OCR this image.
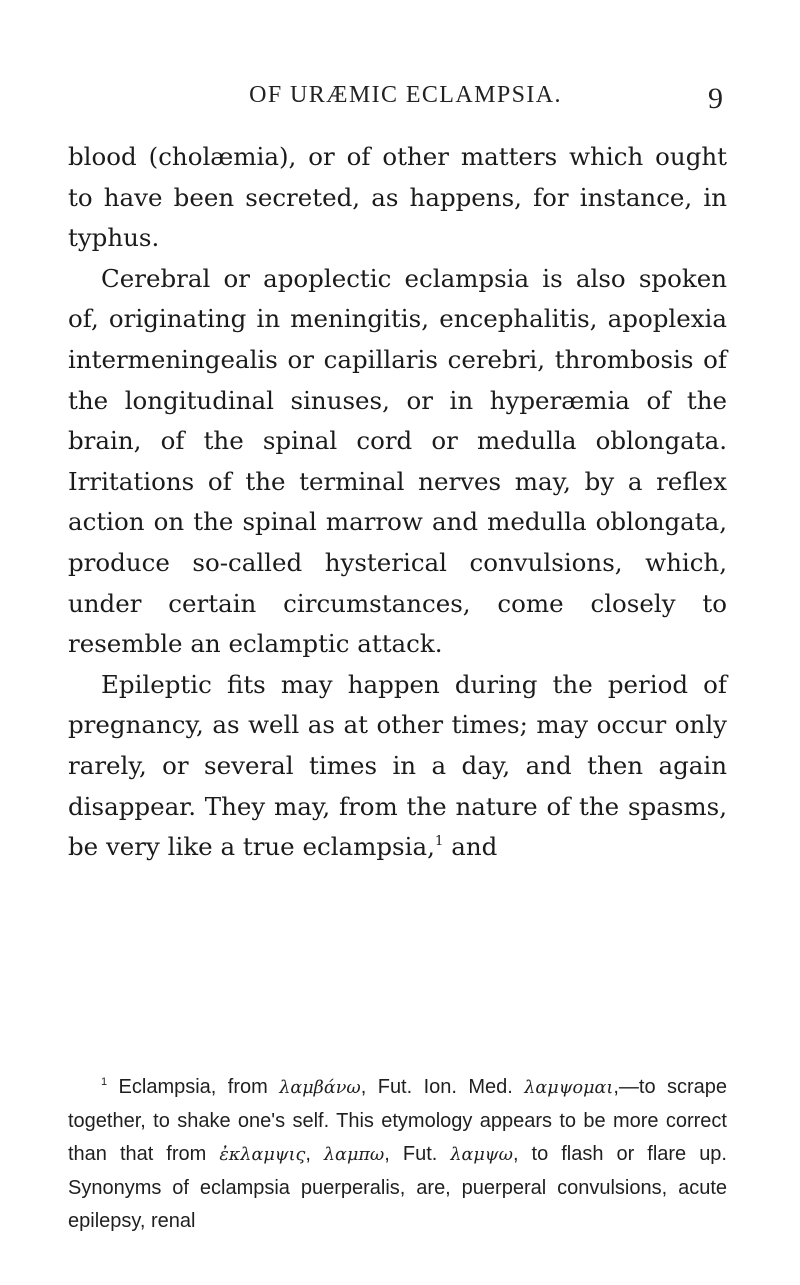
OF URÆMIC ECLAMPSIA.	9

blood (cholæmia), or of other matters which ought to have been secreted, as happens, for instance, in typhus.

Cerebral or apoplectic eclampsia is also spoken of, originating in meningitis, encephalitis, apoplexia intermeningealis or capillaris cerebri, thrombosis of the longitudinal sinuses, or in hyperæmia of the brain, of the spinal cord or medulla oblongata. Irritations of the terminal nerves may, by a reflex action on the spinal marrow and medulla oblongata, produce so-called hysterical convulsions, which, under certain circumstances, come closely to resemble an eclamptic attack.

Epileptic fits may happen during the period of pregnancy, as well as at other times; may occur only rarely, or several times in a day, and then again disappear. They may, from the nature of the spasms, be very like a true eclampsia,$^1$ and

$^1$ Eclampsia, from λαμβάνω, Fut. Ion. Med. λαμψομαι,—to scrape together, to shake one's self. This etymology appears to be more correct than that from ἐκλαμψις, λαμπω, Fut. λαμψω, to flash or flare up. Synonyms of eclampsia puerperalis, are, puerperal convulsions, acute epilepsy, renal
